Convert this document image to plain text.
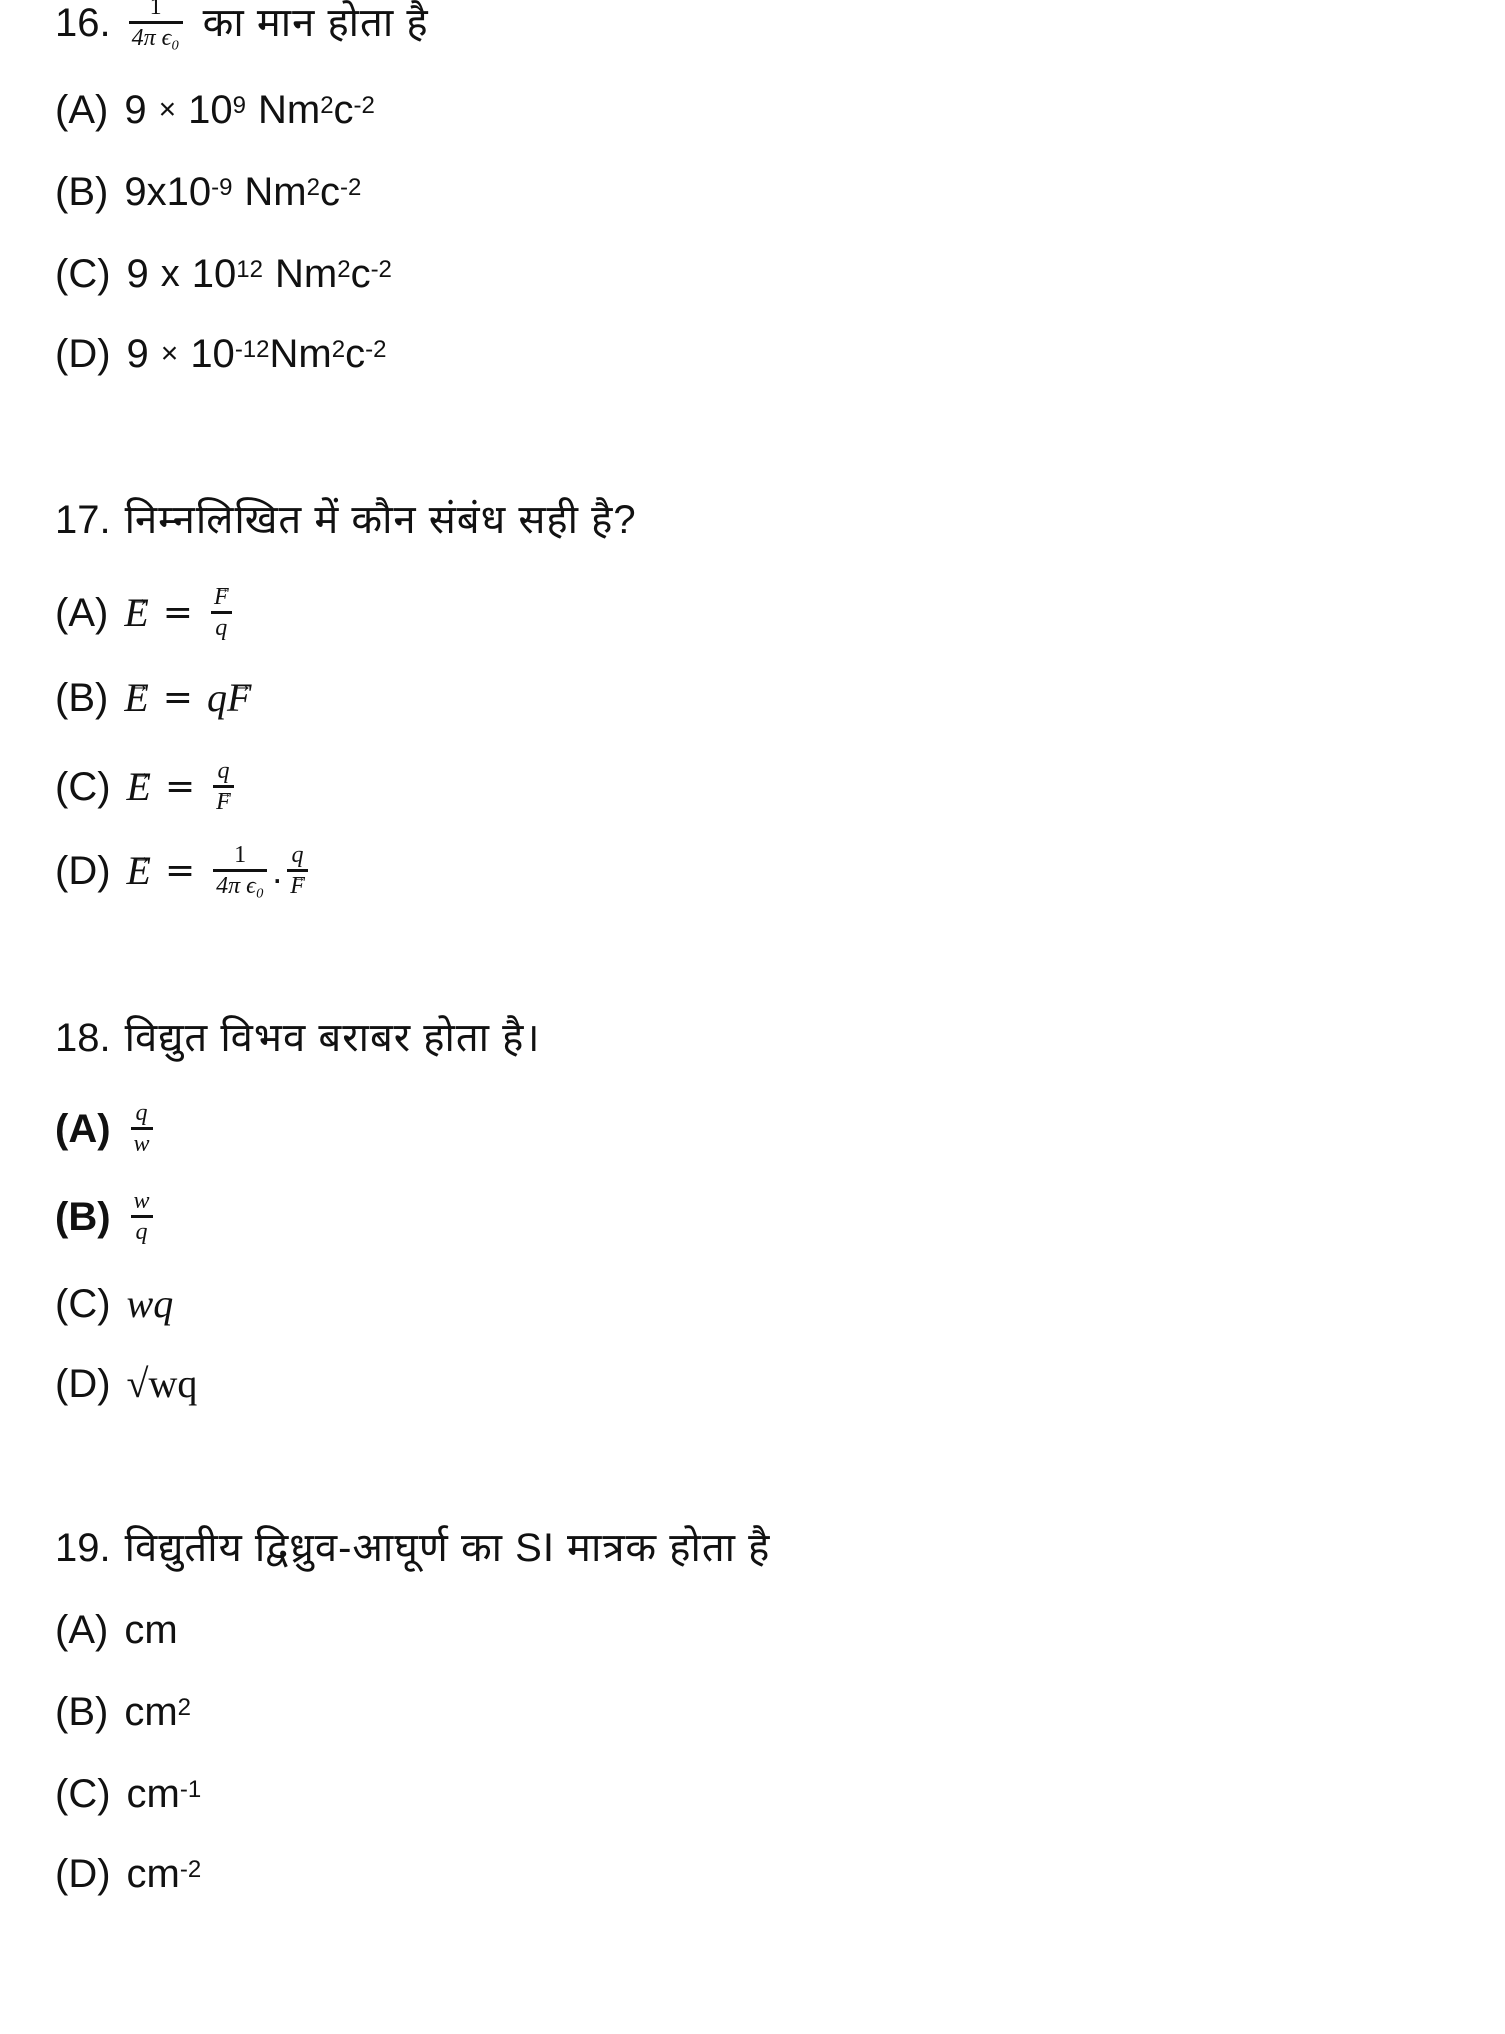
16. $\frac{1}{\text{4π ϵ₀}}$ का मान होता है
(A) $9 \times 10^9$ Nm$^2$ $c^{-2}$
(B) $9x10^{-9}$ Nm$^2$ $c^{-2}$
(C) 9 x $10^{12}$ Nm$^2$ $c^{-2}$
(D) $9 \times 10^{-12}$ Nm$^2$ $c^{-2}$
17. निम्नलिखित में कौन संबंध सही है?
(A) → E = → $\frac{F}{q}$
(B) → E = q → F
(C) → E = q
→ F
$(D) \to E = \frac{1}{\text{4π ϵ₀}}$ . q
→ F
18. विद्युत विभव बराबर होता है।
$(A) \frac{q}{w}$
$(B) \frac{w}{q}$
(C) wq
(D) √wq
19. विद्युतीय द्विध्रुव-आघूर्ण का SI मात्रक होता है
(A) cm
(B) $cm^2$
(C) $cm^{-1}$
(D) $cm^{-2}$
